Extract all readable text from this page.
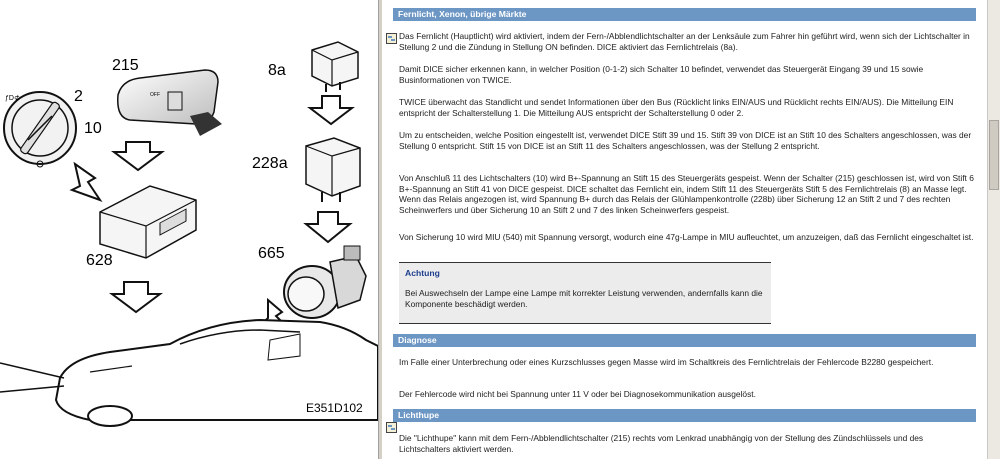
ƒD⊄	2
10
OFF
215
628
8a
228a
665
E351D102
Fernlicht, Xenon, übrige Märkte

Das Fernlicht (Hauptlicht) wird aktiviert, indem der Fern-/Abblendlichtschalter an der Lenksäule zum Fahrer hin geführt wird, wenn sich der Lichtschalter in Stellung 2 und die Zündung in Stellung ON befinden. DICE aktiviert das Fernlichtrelais (8a).

Damit DICE sicher erkennen kann, in welcher Position (0-1-2) sich Schalter 10 befindet, verwendet das Steuergerät Eingang 39 und 15 sowie Businformationen von TWICE.

TWICE überwacht das Standlicht und sendet Informationen über den Bus (Rücklicht links EIN/AUS und Rücklicht rechts EIN/AUS). Die Mitteilung EIN entspricht der Schalterstellung 1. Die Mitteilung AUS entspricht der Schalterstellung 0 oder 2.

Um zu entscheiden, welche Position eingestellt ist, verwendet DICE Stift 39 und 15. Stift 39 von DICE ist an Stift 10 des Schalters angeschlossen, was der Stellung 0 entspricht. Stift 15 von DICE ist an Stift 11 des Schalters angeschlossen, was der Stellung 2 entspricht.

Von Anschluß 11 des Lichtschalters (10) wird B+-Spannung an Stift 15 des Steuergeräts gespeist. Wenn der Schalter (215) geschlossen ist, wird von Stift 6 B+-Spannung an Stift 41 von DICE gespeist. DICE schaltet das Fernlicht ein, indem Stift 11 des Steuergeräts Stift 5 des Fernlichtrelais (8) an Masse legt. Wenn das Relais angezogen ist, wird Spannung B+ durch das Relais der Glühlampenkontrolle (228b) über Sicherung 12 an Stift 2 und 7 des rechten Scheinwerfers und über Sicherung 10 an Stift 2 und 7 des linken Scheinwerfers gespeist.

Von Sicherung 10 wird MIU (540) mit Spannung versorgt, wodurch eine 47g-Lampe in MIU aufleuchtet, um anzuzeigen, daß das Fernlicht eingeschaltet ist.

Achtung

Bei Auswechseln der Lampe eine Lampe mit korrekter Leistung verwenden, andernfalls kann die Komponente beschädigt werden.

Diagnose

Im Falle einer Unterbrechung oder eines Kurzschlusses gegen Masse wird im Schaltkreis des Fernlichtrelais der Fehlercode B2280 gespeichert.

Der Fehlercode wird nicht bei Spannung unter 11 V oder bei Diagnosekommunikation ausgelöst.

Lichthupe

Die "Lichthupe" kann mit dem Fern-/Abblendlichtschalter (215) rechts vom Lenkrad unabhängig von der Stellung des Zündschlüssels und des Lichtschalters aktiviert werden.
